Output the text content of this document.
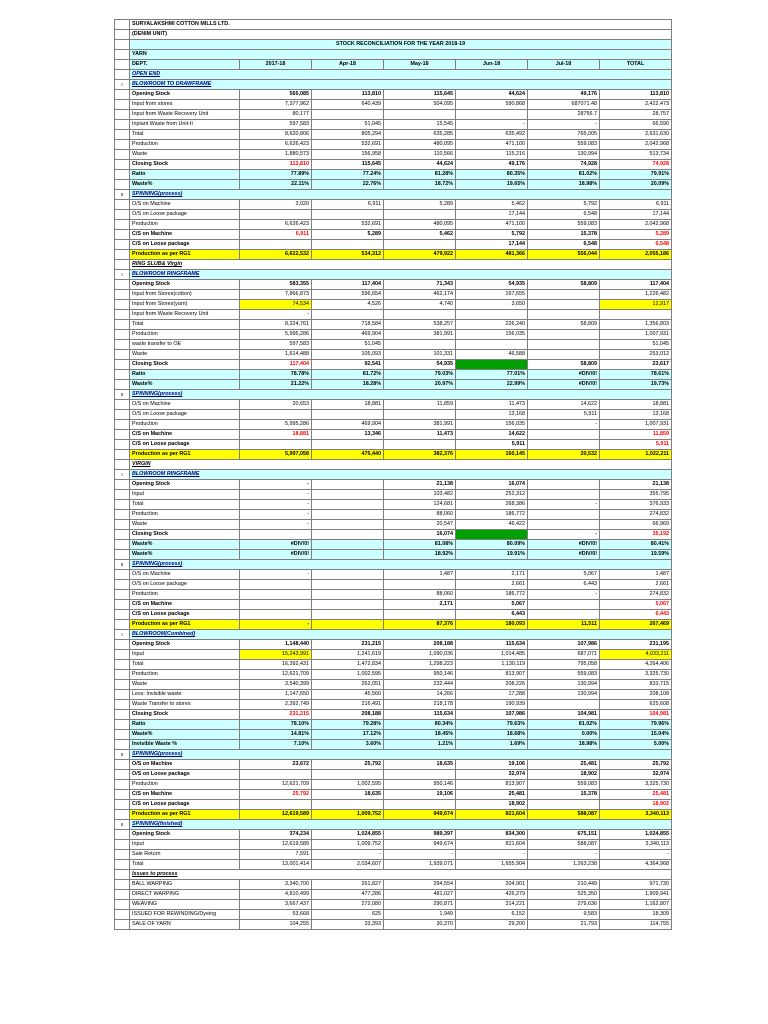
	SURYALAKSHMI COTTON MILLS LTD.						
	(DENIM UNIT)						
	STOCK RECONCILIATION FOR THE YEAR 2018-19						
	YARN						
	DEPT.	2017-18	Apr-18	May-18	Jun-18	Jul-18	TOTAL
	OPEN END						
I	BLOWROOM TO DRAWFRAME						
	Opening Stock	565,085	113,810	115,645	44,624	49,176	113,810
	Input from stores	7,377,962	640,439	504,095	590,868	687071.48	2,422,473
	Input from Waste Recovery Unit	80,177				28756.7	28,757
	Inplant Waste from Unit-II	597,583	51,045	15,545	-	-	66,590
	Total	8,620,806	805,294	635,285	635,492	765,005	2,631,630
	Production	6,626,423	532,691	480,095	471,100	559,083	2,042,968
	Waste	1,880,573	156,958	110,566	115,216	130,994	513,734
	Closing Stock	113,810	115,645	44,624	49,176	74,928	74,928
	Ratio	77.89%	77.24%	81.28%	80.35%	81.02%	79.91%
	Waste%	22.11%	22.76%	18.72%	19.65%	18.98%	20.09%
II	SPINNING(process)						
	O/S on Machine	3,020	6,911	5,289	5,462	5,792	6,911
	O/S on Loose package				17,144	6,548	17,144
	Production	6,626,423	532,691	480,095	471,100	559,083	2,042,968
	C/S on Machine	6,911	5,289	5,462	5,792	15,378	5,289
	C/S on Loose package				17,144	6,548	6,548
	Production as per RG1	6,622,532	534,312	479,922	481,366	556,044	2,055,186
	RING SLUB& Virgin						
I	BLOWROOM RINGFRAME						
	Opening Stock	583,355	117,404	71,343	54,935	58,809	117,404
	Input from Stores(cotton)	7,866,873	596,654	462,174	167,655		1,226,482
	Input from Stores(yarn)	74,534	4,526	4,740	3,650		12,917
	Input from Waste Recovery Unit	-					
	Total	8,324,761	718,584	538,257	226,240	58,809	1,356,803
	Production	5,995,286	469,904	381,991	156,035		1,007,931
	waste transfer to OE	597,583	51,045				51,045
	Waste	1,614,488	105,093	101,331	46,588		253,012
	Closing Stock	117,404	92,541	54,935	23,617	58,809	23,617
	Ratio	78.78%	81.72%	79.03%	77.01%	#DIV/0!	78.61%
	Waste%	21.22%	18.28%	20.97%	22.99%	#DIV/0!	19.73%
II	SPINNING(process)						
	O/S on Machine	20,653	18,881	11,859	11,473	14,622	18,881
	O/S on Loose package				13,168	5,911	13,168
	Production	5,995,286	469,904	381,991	156,035	-	1,007,931
	C/S on Machine	18,881	13,346	11,473	14,622		11,859
	C/S on Loose package				5,911		5,911
	Production as per RG1	5,997,058	475,440	382,376	160,145	20,532	1,022,211
	VIRGIN						
I	BLOWROOM RINGFRAME						
	Opening Stock	-		21,138	16,074		21,138
	Input	-		103,482	252,312		355,795
	Total	-		124,681	268,386	-	376,933
	Production	-		88,060	186,772		274,832
	Waste	-		20,547	46,422		66,969
	Closing Stock			16,074	35,192	-	35,192
	Waste%	#DIV/0!		81.08%	80.09%	#DIV/0!	80.41%
	Waste%	#DIV/0!		18.92%	19.91%	#DIV/0!	19.59%
II	SPINNING(process)						
	O/S on Machine	-		1,487	2,171	5,067	1,487
	O/S on Loose package				2,661	6,443	2,661
	Production			88,060	186,772	-	274,832
	C/S on Machine			2,171	5,067		5,067
	C/S on Loose package				6,443		6,443
	Production as per RG1	-		87,376	180,093	11,511	267,469
I	BLOWROOM(Combined)						
	Opening Stock	1,148,440	231,215	208,188	115,634	107,986	231,195
	Input	15,243,991	1,241,619	1,090,036	1,014,485	687,071	4,033,211
	Total	16,392,431	1,472,834	1,298,223	1,130,119	795,058	4,264,406
	Production	12,621,709	1,002,595	950,146	813,907	559,083	3,325,730
	Waste	3,540,399	262,051	232,444	208,226	130,994	833,715
	Less: Invisible waste	1,147,650	45,560	14,266	17,288	130,994	208,108
	Waste Transfer to stores	2,392,749	216,491	218,178	190,939		625,608
	Closing Stock	231,215	208,188	115,634	107,986	104,981	104,981
	Ratio	78.10%	79.28%	80.34%	79.63%	81.02%	79.96%
	Waste%	14.81%	17.12%	18.45%	18.68%	0.00%	15.04%
	Invisible Waste %	7.10%	3.60%	1.21%	1.69%	18.98%	5.00%
II	SPINNING(process)						
	O/S on Machine	23,672	25,792	18,635	19,106	25,481	25,792
	O/S on Loose package				32,974	18,902	32,974
	Production	12,621,709	1,002,595	950,146	813,907	559,083	3,325,730
	C/S on Machine	25,792	18,635	19,106	25,481	15,378	25,481
	C/S on Loose package				18,902		18,902
	Production as per RG1	12,619,589	1,009,752	949,674	821,604	588,087	3,340,113
II	SPINNING(finished)						
	Opening Stock	374,234	1,024,855	989,397	834,300	675,151	1,024,855
	Input	12,619,589	1,009,752	949,674	821,604	588,087	3,340,113
	Sale Return	7,591	-	-	-	-	-
	Total	13,001,414	2,034,607	1,939,071	1,655,904	1,263,238	4,364,968
	Issues to process						
	BALL WARPING	3,340,700	261,827	294,554	204,901	210,449	971,730
	DIRECT WARPING	4,810,499	477,286	481,027	426,279	525,350	1,909,941
	WEAVING	3,667,437	272,080	290,871	314,221	279,636	1,162,807
	ISSUED FOR REWINDING/Dyeing	53,668	625	1,949	6,152	9,583	18,309
	SALE OF YARN	104,255	33,393	30,370	29,200	21,793	114,755
